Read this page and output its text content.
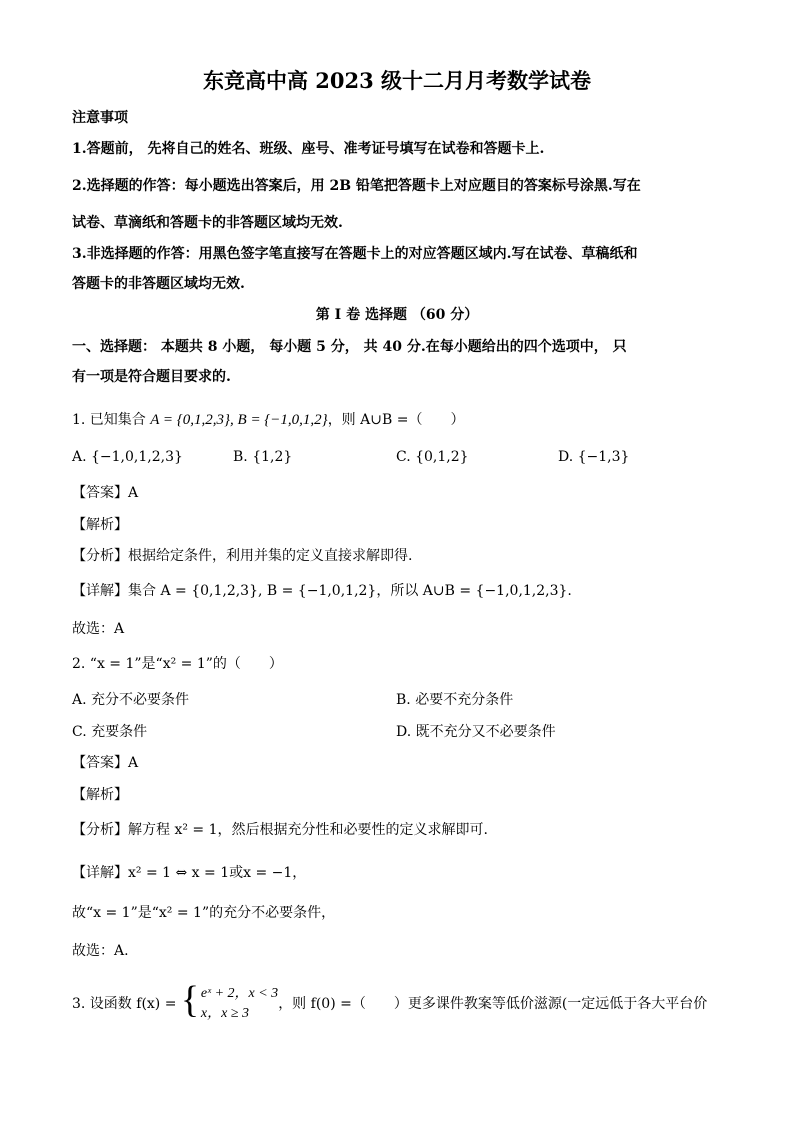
东竞高中高 2023 级十二月月考数学试卷
注意事项
1.答题前， 先将自己的姓名、班级、座号、准考证号填写在试卷和答题卡上.
2.选择题的作答：每小题选出答案后，用 2B 铅笔把答题卡上对应题目的答案标号涂黑.写在
试卷、草滴纸和答题卡的非答题区域均无效.
3.非选择题的作答：用黑色签字笔直接写在答题卡上的对应答题区域内.写在试卷、草稿纸和
答题卡的非答题区域均无效.
第 I 卷 选择题 （60 分）
一、选择题： 本题共 8 小题， 每小题 5 分， 共 40 分.在每小题给出的四个选项中， 只
有一项是符合题目要求的.
1. 已知集合 A = {0,1,2,3}, B = {−1,0,1,2}，则 A∪B =（　　）
A. {−1,0,1,2,3}	B. {1,2}	C. {0,1,2}	D. {−1,3}
【答案】A
【解析】
【分析】根据给定条件，利用并集的定义直接求解即得.
【详解】集合 A = {0,1,2,3}, B = {−1,0,1,2}，所以 A∪B = {−1,0,1,2,3}.
故选：A
2. “x = 1”是“x² = 1”的（　　）
A. 充分不必要条件	B. 必要不充分条件
C. 充要条件	D. 既不充分又不必要条件
【答案】A
【解析】
【分析】解方程 x² = 1，然后根据充分性和必要性的定义求解即可.
【详解】x² = 1 ⇔ x = 1或x = −1，
故“x = 1”是“x² = 1”的充分不必要条件，
故选：A.
3. 设函数 f(x) = { eˣ + 2，x < 3
x，x ≥ 3
，则 f(0) =（　　）更多课件教案等低价滋源(一定远低于各大平台价
